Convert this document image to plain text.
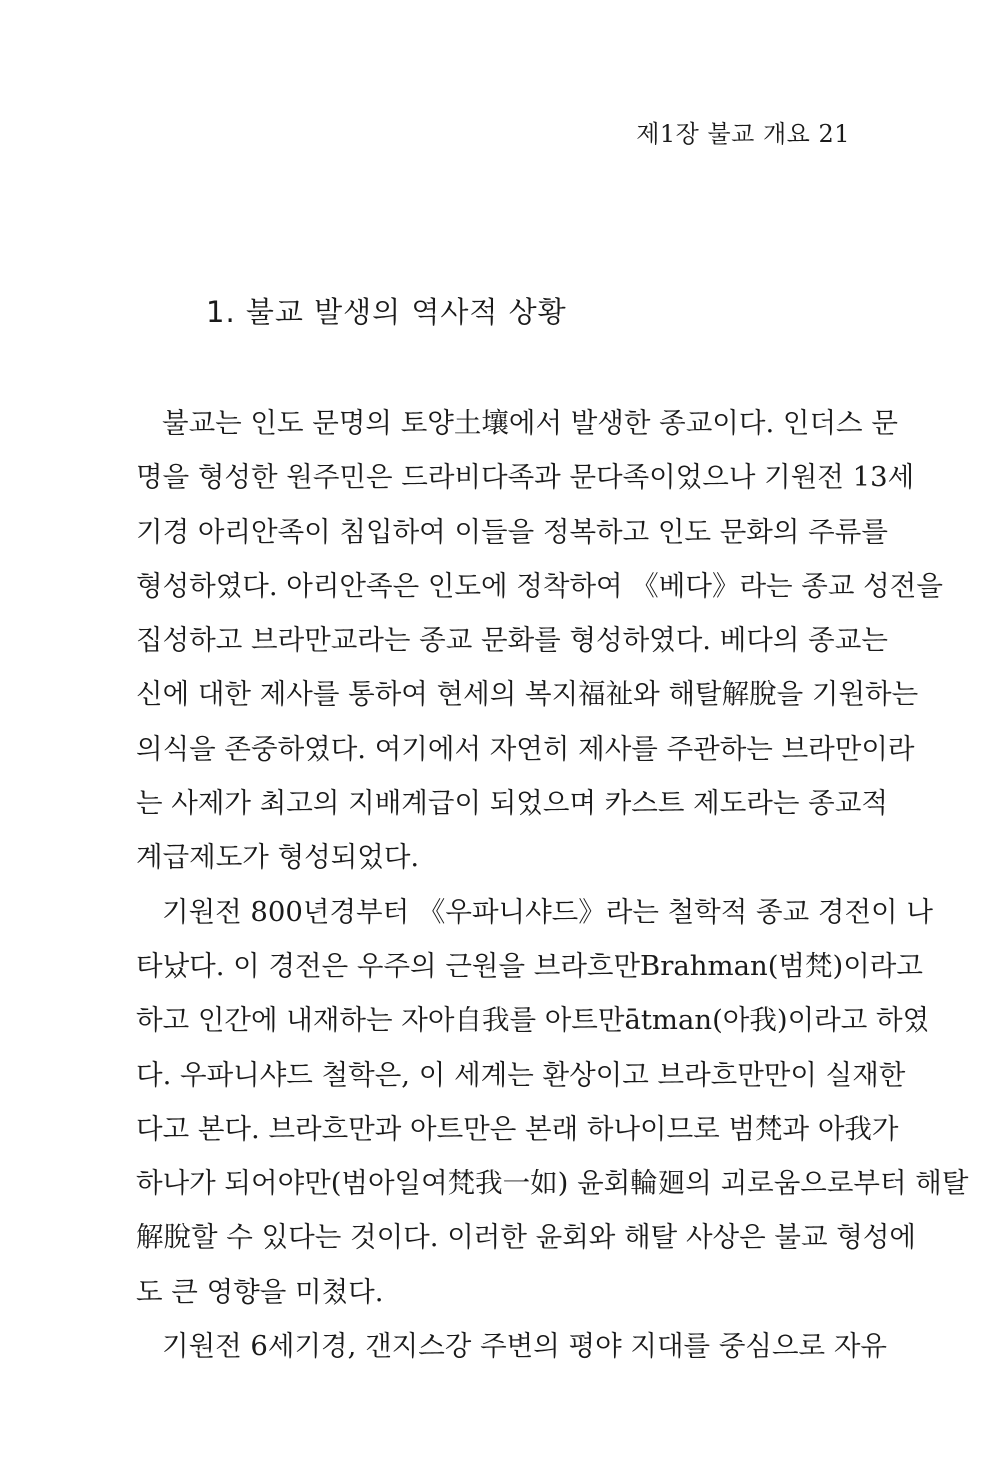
제1장 불교 개요 21
1. 불교 발생의 역사적 상황
불교는 인도 문명의 토양土壤에서 발생한 종교이다. 인더스 문
명을 형성한 원주민은 드라비다족과 문다족이었으나 기원전 13세
기경 아리안족이 침입하여 이들을 정복하고 인도 문화의 주류를
형성하였다. 아리안족은 인도에 정착하여 《베다》라는 종교 성전을
집성하고 브라만교라는 종교 문화를 형성하였다. 베다의 종교는
신에 대한 제사를 통하여 현세의 복지福祉와 해탈解脫을 기원하는
의식을 존중하였다. 여기에서 자연히 제사를 주관하는 브라만이라
는 사제가 최고의 지배계급이 되었으며 카스트 제도라는 종교적
계급제도가 형성되었다.
기원전 800년경부터 《우파니샤드》라는 철학적 종교 경전이 나
타났다. 이 경전은 우주의 근원을 브라흐만Brahman(범梵)이라고
하고 인간에 내재하는 자아自我를 아트만ātman(아我)이라고 하였
다. 우파니샤드 철학은, 이 세계는 환상이고 브라흐만만이 실재한
다고 본다. 브라흐만과 아트만은 본래 하나이므로 범梵과 아我가
하나가 되어야만(범아일여梵我一如) 윤회輪廻의 괴로움으로부터 해탈
解脫할 수 있다는 것이다. 이러한 윤회와 해탈 사상은 불교 형성에
도 큰 영향을 미쳤다.
기원전 6세기경, 갠지스강 주변의 평야 지대를 중심으로 자유
